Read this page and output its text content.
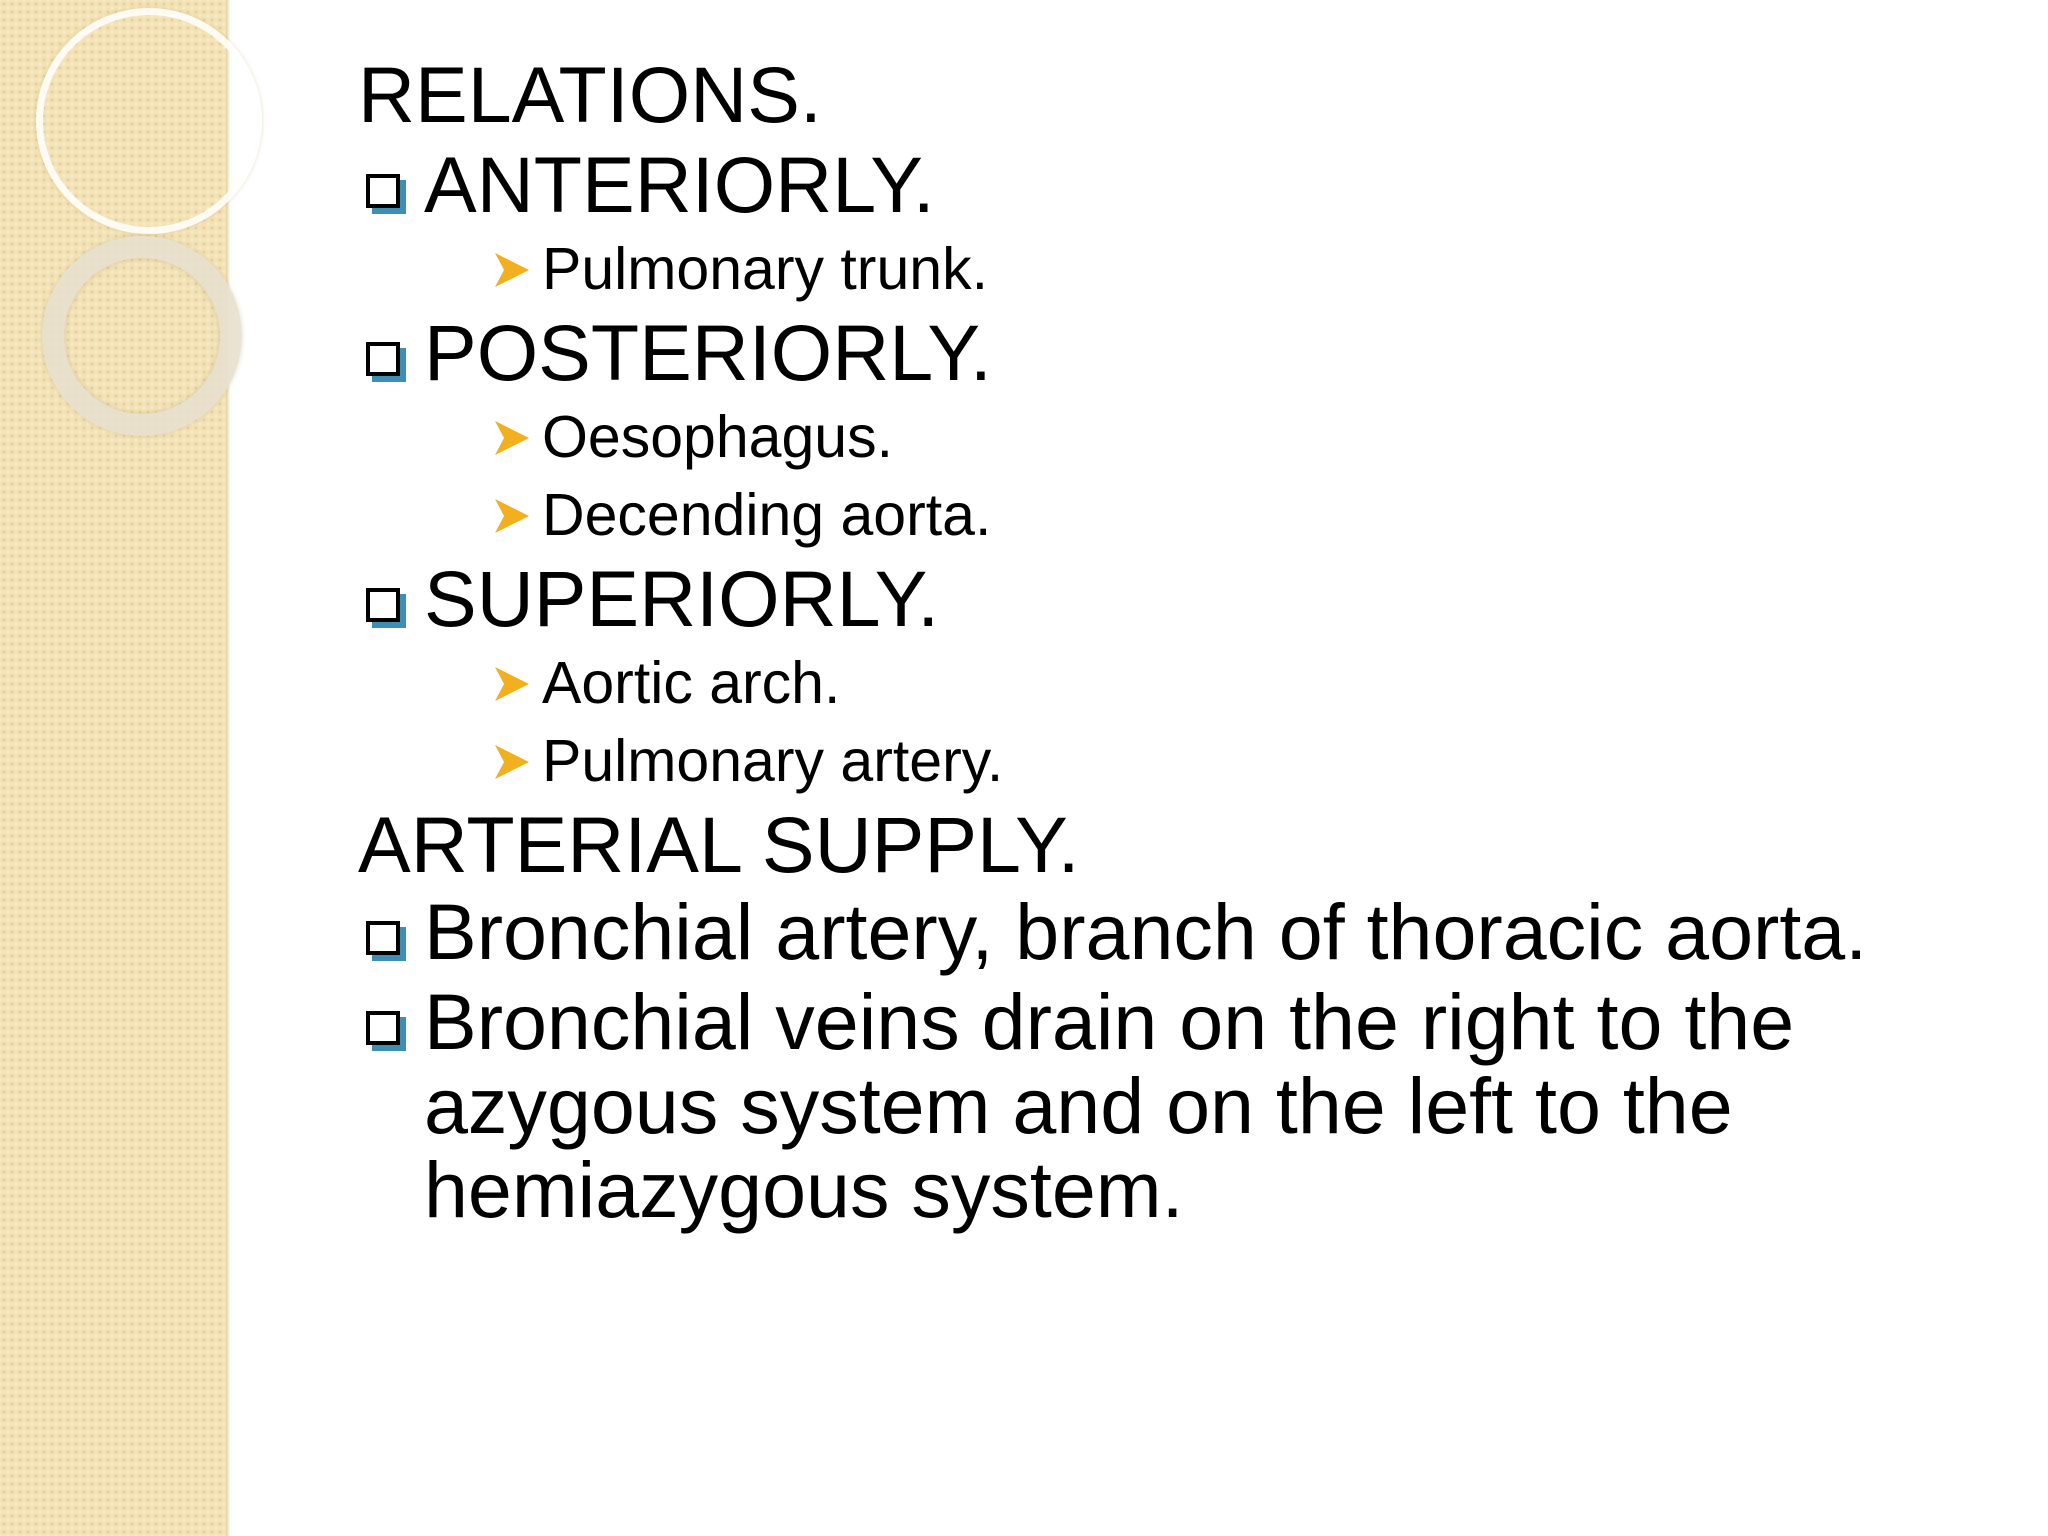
RELATIONS.
ANTERIORLY.
Pulmonary trunk.
POSTERIORLY.
Oesophagus.
Decending aorta.
SUPERIORLY.
Aortic arch.
Pulmonary artery.
ARTERIAL SUPPLY.
Bronchial artery, branch of thoracic aorta.
Bronchial veins drain on the right to the azygous system and on the left to the hemiazygous system.
